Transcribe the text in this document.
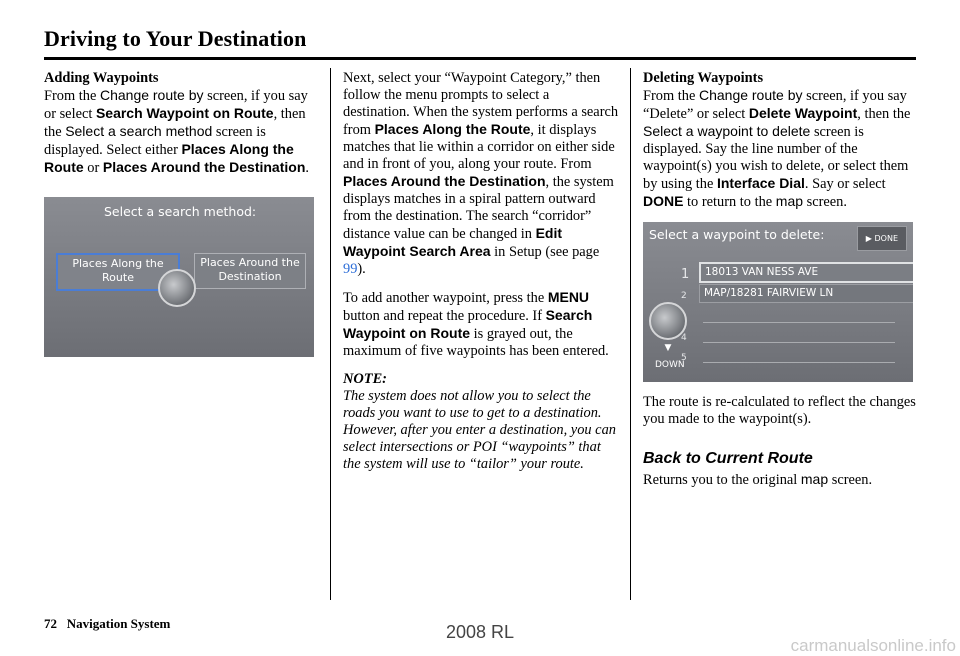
Driving to Your Destination
Adding Waypoints

From the Change route by screen, if you say or select Search Waypoint on Route, then the Select a search method screen is displayed. Select either Places Along the Route or Places Around the Destination.

Select a search method:
Places Along the Route
Places Around the Destination

Next, select your “Waypoint Category,” then follow the menu prompts to select a destination. When the system performs a search from Places Along the Route, it displays matches that lie within a corridor on either side and in front of you, along your route. From Places Around the Destination, the system displays matches in a spiral pattern outward from the destination. The search “corridor” distance value can be changed in Edit Waypoint Search Area in Setup (see page 99).

To add another waypoint, press the MENU button and repeat the procedure. If Search Waypoint on Route is grayed out, the maximum of five waypoints has been entered.

NOTE:

The system does not allow you to select the roads you want to use to get to a destination. However, after you enter a destination, you can select intersections or POI “waypoints” that the system will use to “tailor” your route.

Deleting Waypoints

From the Change route by screen, if you say “Delete” or select Delete Waypoint, then the Select a waypoint to delete screen is displayed. Say the line number of the waypoint(s) you wish to delete, or select them by using the Interface Dial. Say or select DONE to return to the map screen.

Select a waypoint to delete:	▶ DONE
1	18013 VAN NESS AVE
2	MAP/18281 FAIRVIEW LN
4
5
▼
DOWN

The route is re-calculated to reflect the changes you made to the waypoint(s).

Back to Current Route

Returns you to the original map screen.

72 Navigation System	2008 RL
carmanualsonline.info
